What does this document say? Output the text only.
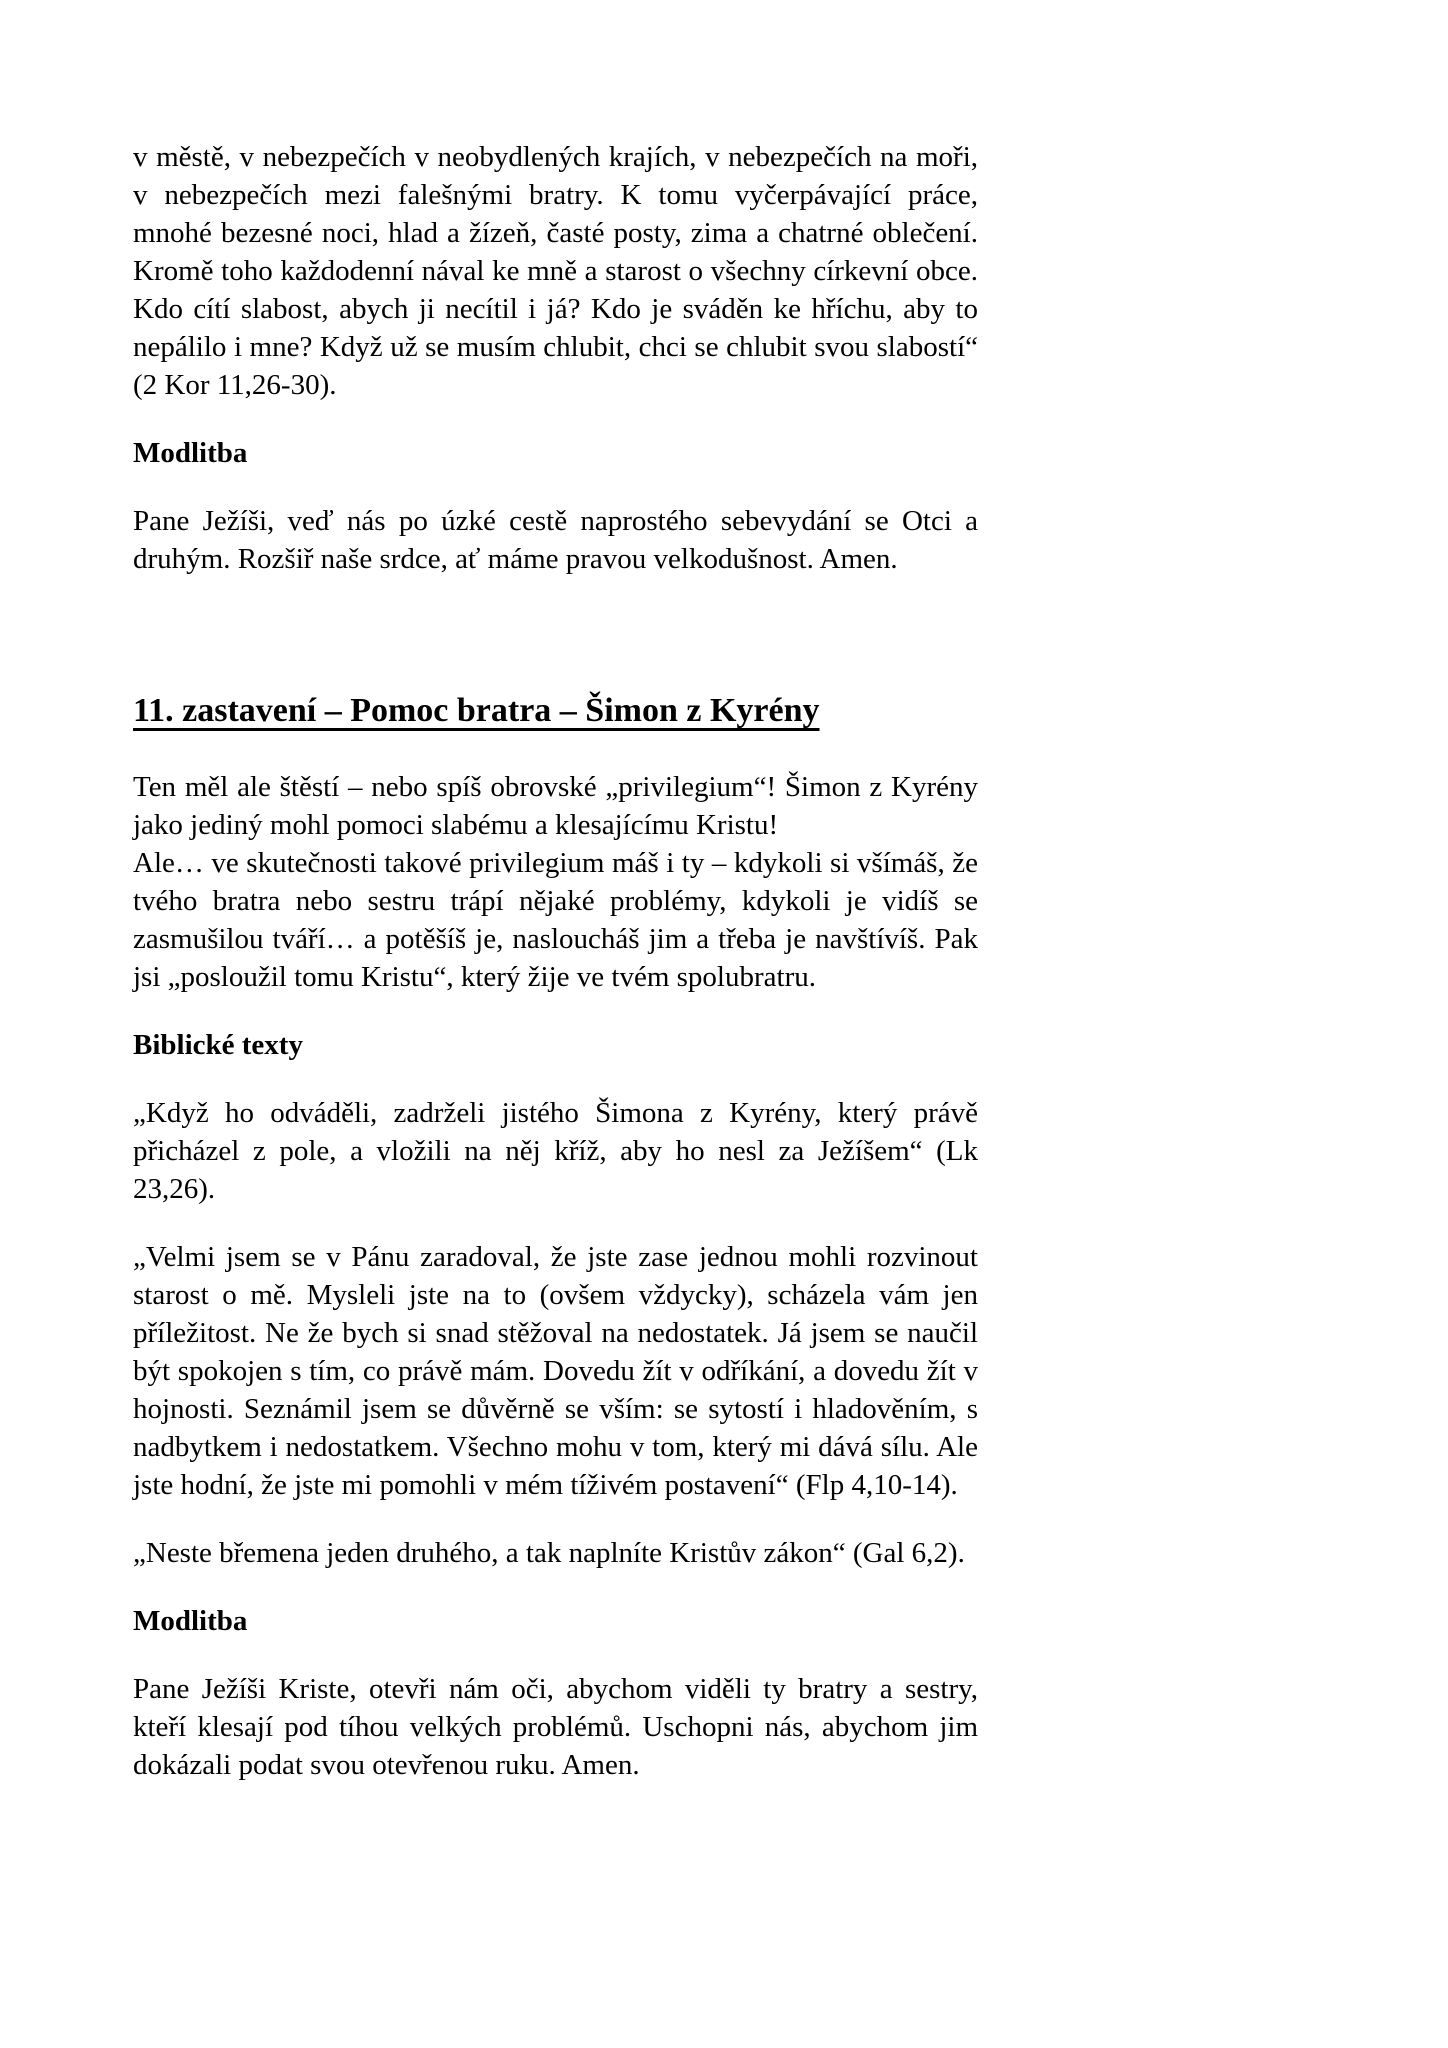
v městě, v nebezpečích v neobydlených krajích, v nebezpečích na moři, v nebezpečích mezi falešnými bratry. K tomu vyčerpávající práce, mnohé bezesné noci, hlad a žízeň, časté posty, zima a chatrné oblečení. Kromě toho každodenní nával ke mně a starost o všechny církevní obce. Kdo cítí slabost, abych ji necítil i já? Kdo je sváděn ke hříchu, aby to nepálilo i mne? Když už se musím chlubit, chci se chlubit svou slabostí“ (2 Kor 11,26-30).

Modlitba

Pane Ježíši, veď nás po úzké cestě naprostého sebevydání se Otci a druhým. Rozšiř naše srdce, ať máme pravou velkodušnost. Amen.

11. zastavení – Pomoc bratra – Šimon z Kyrény

Ten měl ale štěstí – nebo spíš obrovské „privilegium“! Šimon z Kyrény jako jediný mohl pomoci slabému a klesajícímu Kristu!

Ale… ve skutečnosti takové privilegium máš i ty – kdykoli si všímáš, že tvého bratra nebo sestru trápí nějaké problémy, kdykoli je vidíš se zasmušilou tváří… a potěšíš je, nasloucháš jim a třeba je navštívíš. Pak jsi „posloužil tomu Kristu“, který žije ve tvém spolubratru.

Biblické texty

„Když ho odváděli, zadrželi jistého Šimona z Kyrény, který právě přicházel z pole, a vložili na něj kříž, aby ho nesl za Ježíšem“ (Lk 23,26).

„Velmi jsem se v Pánu zaradoval, že jste zase jednou mohli rozvinout starost o mě. Mysleli jste na to (ovšem vždycky), scházela vám jen příležitost. Ne že bych si snad stěžoval na nedostatek. Já jsem se naučil být spokojen s tím, co právě mám. Dovedu žít v odříkání, a dovedu žít v hojnosti. Seznámil jsem se důvěrně se vším: se sytostí i hladověním, s nadbytkem i nedostatkem. Všechno mohu v tom, který mi dává sílu. Ale jste hodní, že jste mi pomohli v mém tíživém postavení“ (Flp 4,10-14).

„Neste břemena jeden druhého, a tak naplníte Kristův zákon“ (Gal 6,2).

Modlitba

Pane Ježíši Kriste, otevři nám oči, abychom viděli ty bratry a sestry, kteří klesají pod tíhou velkých problémů. Uschopni nás, abychom jim dokázali podat svou otevřenou ruku. Amen.
